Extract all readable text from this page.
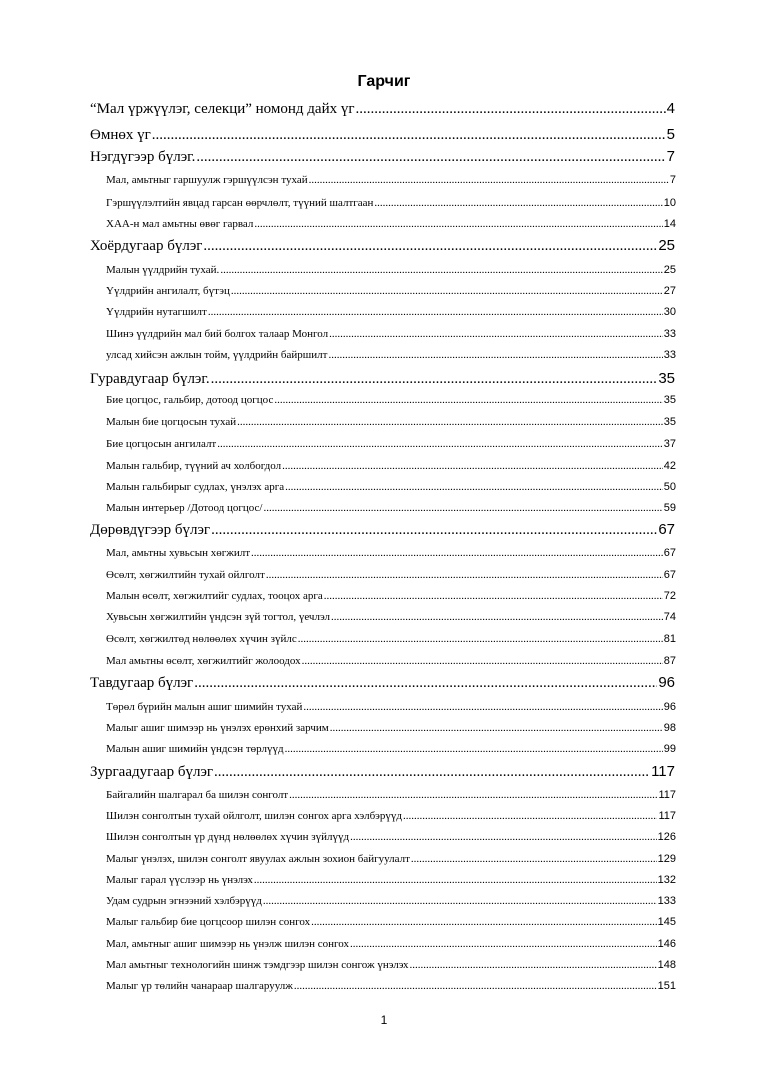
Гарчиг
“Мал үржүүлэг, селекци” номонд дайх үг .....	4
Өмнөх үг .....	5
Нэгдүгээр бүлэг. .....	7
Мал, амьтныг гаршуулж гэршүүлсэн тухай .....	7
Гэршүүлэлтийн явцад гарсан өөрчлөлт, түүний шалтгаан .....	10
ХАА-н мал амьтны өвөг гарвал .....	14
Хоёрдугаар бүлэг .....	25
Малын үүлдрийн тухай. .....	25
Үүлдрийн ангилалт, бүтэц .....	27
Үүлдрийн нутагшилт .....	30
Шинэ үүлдрийн мал бий болгох талаар Монгол .....	33
улсад хийсэн ажлын тойм, үүлдрийн байршилт .....	33
Гуравдугаар бүлэг. .....	35
Бие цогцос, гальбир, дотоод цогцос .....	35
Малын бие цогцосын тухай .....	35
Бие цогцосын ангилалт .....	37
Малын гальбир, түүний ач холбогдол .....	42
Малын гальбирыг судлах, үнэлэх арга .....	50
Малын интерьер /Дотоод цогцос/ .....	59
Дөрөвдүгээр бүлэг .....	67
Мал, амьтны хувьсын хөгжилт .....	67
Өсөлт, хөгжилтийн тухай ойлголт .....	67
Малын өсөлт, хөгжилтийг судлах, тооцох арга .....	72
Хувьсын хөгжилтийн үндсэн зүй тогтол, үечлэл .....	74
Өсөлт, хөгжилтөд нөлөөлөх хүчин зүйлс .....	81
Мал амьтны өсөлт, хөгжилтийг жолоодох .....	87
Тавдугаар бүлэг .....	96
Төрөл бүрийн малын ашиг шимийн тухай .....	96
Малыг ашиг шимээр нь үнэлэх ерөнхий зарчим .....	98
Малын ашиг шимийн үндсэн төрлүүд .....	99
Зургаадугаар бүлэг .....	117
Байгалийн шалгарал ба шилэн сонголт .....	117
Шилэн сонголтын тухай ойлголт, шилэн сонгох арга хэлбэрүүд .....	117
Шилэн сонголтын үр дүнд нөлөөлөх хүчин зүйлүүд .....	126
Малыг үнэлэх, шилэн сонголт явуулах ажлын зохион байгуулалт .....	129
Малыг гарал үүслээр нь үнэлэх .....	132
Удам судрын эгнээний хэлбэрүүд .....	133
Малыг гальбир бие цогцсоор шилэн сонгох .....	145
Мал, амьтныг ашиг шимээр нь үнэлж шилэн сонгох .....	146
Мал амьтныг технологийн шинж тэмдгээр шилэн сонгож үнэлэх .....	148
Малыг үр төлийн чанараар шалгаруулж .....	151
1
